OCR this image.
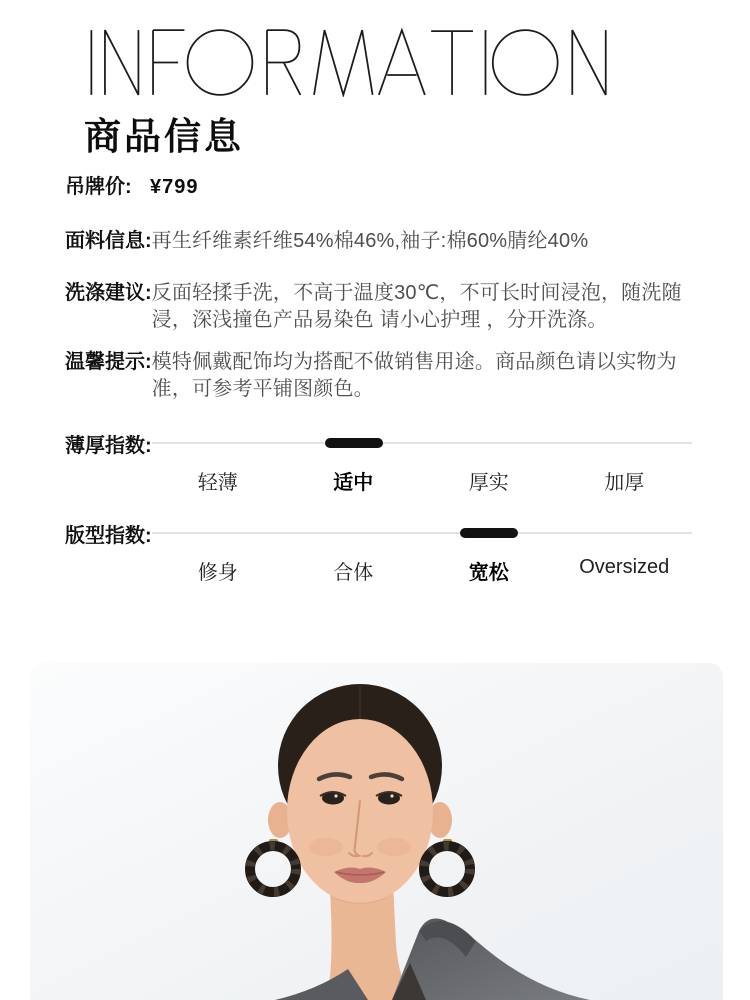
商品信息
吊牌价: ¥799
面料信息: 再生纤维素纤维54%棉46%,袖子:棉60%腈纶40%
洗涤建议: 反面轻揉手洗，不高于温度30℃，不可长时间浸泡，随洗随浸，深浅撞色产品易染色 请小心护理 ，分开洗涤。
温馨提示: 模特佩戴配饰均为搭配不做销售用途。商品颜色请以实物为准，可参考平铺图颜色。
薄厚指数:
轻薄	适中	厚实	加厚
版型指数:
修身	合体	宽松	Oversized
